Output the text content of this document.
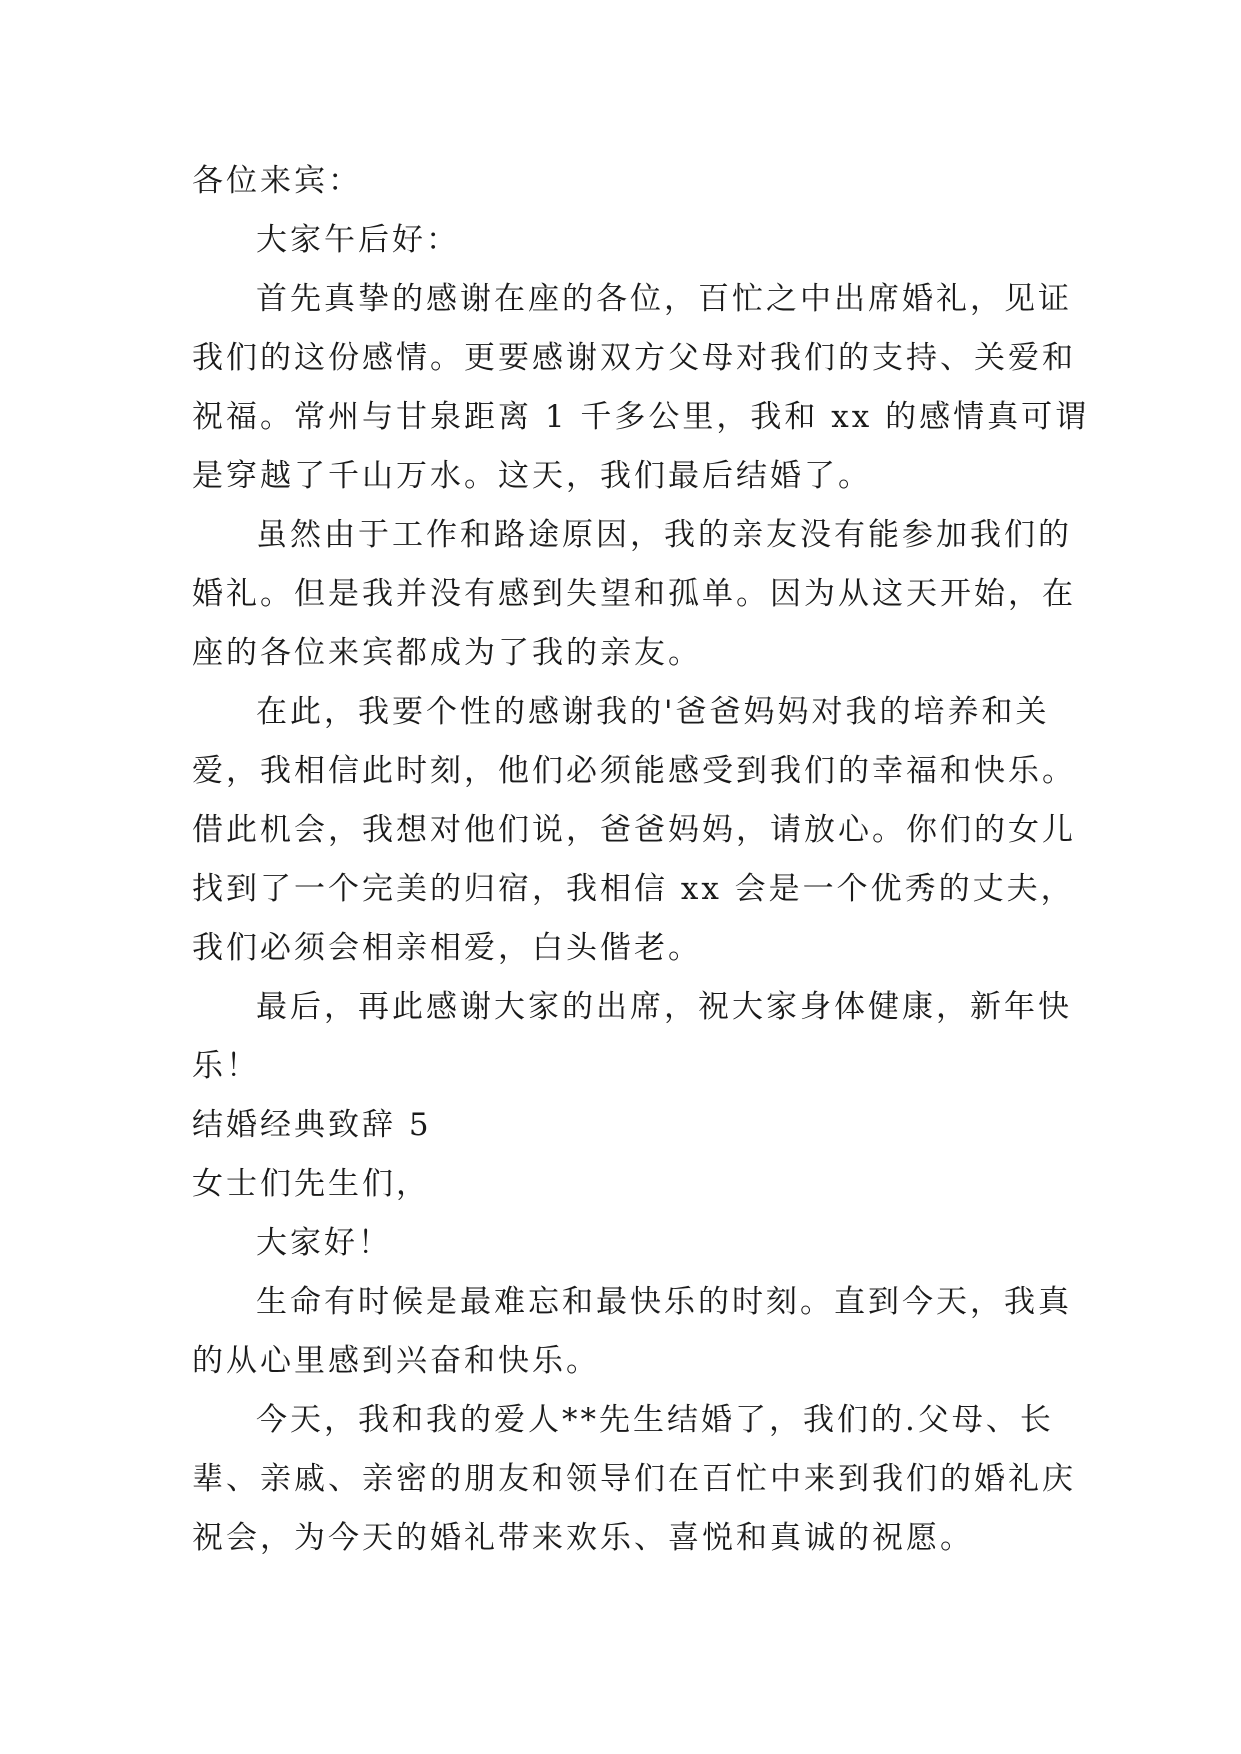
各位来宾：
大家午后好：
首先真挚的感谢在座的各位，百忙之中出席婚礼，见证
我们的这份感情。更要感谢双方父母对我们的支持、关爱和
祝福。常州与甘泉距离 1 千多公里，我和 xx 的感情真可谓
是穿越了千山万水。这天，我们最后结婚了。
虽然由于工作和路途原因，我的亲友没有能参加我们的
婚礼。但是我并没有感到失望和孤单。因为从这天开始，在
座的各位来宾都成为了我的亲友。
在此，我要个性的感谢我的'爸爸妈妈对我的培养和关
爱，我相信此时刻，他们必须能感受到我们的幸福和快乐。
借此机会，我想对他们说，爸爸妈妈，请放心。你们的女儿
找到了一个完美的归宿，我相信 xx 会是一个优秀的丈夫，
我们必须会相亲相爱，白头偕老。
最后，再此感谢大家的出席，祝大家身体健康，新年快
乐！
结婚经典致辞 5
女士们先生们，
大家好！
生命有时候是最难忘和最快乐的时刻。直到今天，我真
的从心里感到兴奋和快乐。
今天，我和我的爱人**先生结婚了，我们的.父母、长
辈、亲戚、亲密的朋友和领导们在百忙中来到我们的婚礼庆
祝会，为今天的婚礼带来欢乐、喜悦和真诚的祝愿。
